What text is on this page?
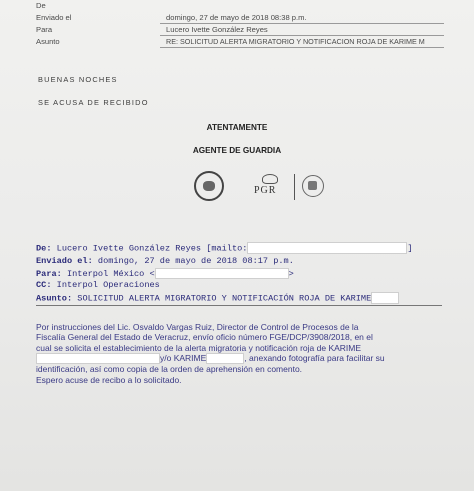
De
Enviado el	domingo, 27 de mayo de 2018 08:38 p.m.
Para	Lucero Ivette González Reyes
Asunto	RE: SOLICITUD ALERTA MIGRATORIO Y NOTIFICACION ROJA DE KARIME M
BUENAS NOCHES
SE ACUSA DE RECIBIDO
ATENTAMENTE
AGENTE DE GUARDIA
PGR
De: Lucero Ivette González Reyes [mailto:	]
Enviado el: domingo, 27 de mayo de 2018 08:17 p.m.
Para: Interpol México <	>
CC: Interpol Operaciones
Asunto: SOLICITUD ALERTA MIGRATORIO Y NOTIFICACIÓN ROJA DE KARIME
Por instrucciones del Lic. Osvaldo Vargas Ruiz, Director de Control de Procesos de la
Fiscalía General del Estado de Veracruz, envío oficio número FGE/DCP/3908/2018, en el
cual se solicita el establecimiento de la alerta migratoria y notificación roja de KARIME
y/o KARIME	, anexando fotografía para facilitar su
identificación, así como copia de la orden de aprehensión en comento.
Espero acuse de recibo a lo solicitado.
